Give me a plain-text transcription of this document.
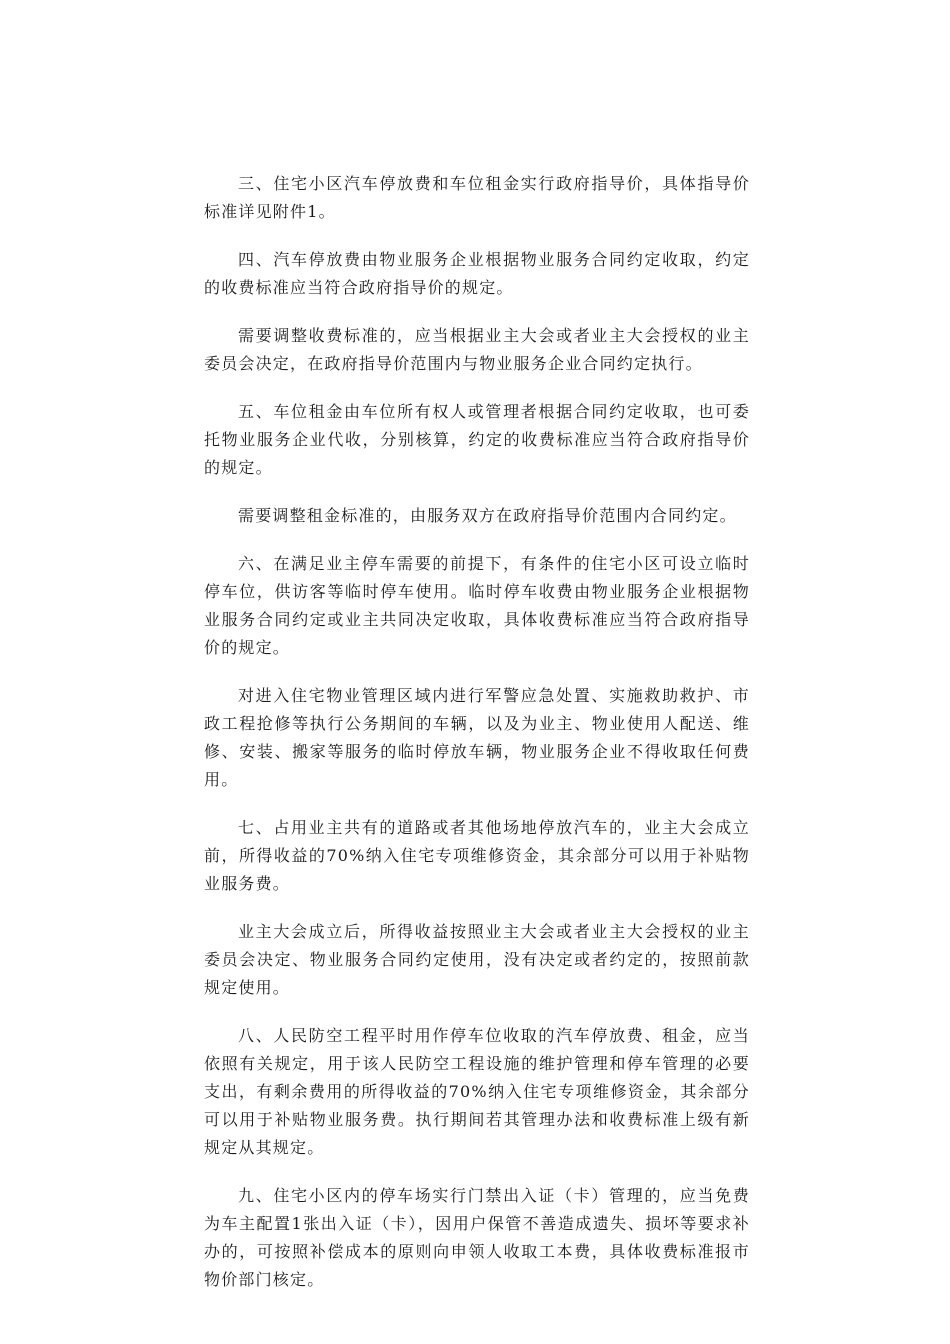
三、住宅小区汽车停放费和车位租金实行政府指导价，具体指导价标准详见附件1。

四、汽车停放费由物业服务企业根据物业服务合同约定收取，约定的收费标准应当符合政府指导价的规定。

需要调整收费标准的，应当根据业主大会或者业主大会授权的业主委员会决定，在政府指导价范围内与物业服务企业合同约定执行。

五、车位租金由车位所有权人或管理者根据合同约定收取，也可委托物业服务企业代收，分别核算，约定的收费标准应当符合政府指导价的规定。

需要调整租金标准的，由服务双方在政府指导价范围内合同约定。

六、在满足业主停车需要的前提下，有条件的住宅小区可设立临时停车位，供访客等临时停车使用。临时停车收费由物业服务企业根据物业服务合同约定或业主共同决定收取，具体收费标准应当符合政府指导价的规定。

对进入住宅物业管理区域内进行军警应急处置、实施救助救护、市政工程抢修等执行公务期间的车辆，以及为业主、物业使用人配送、维修、安装、搬家等服务的临时停放车辆，物业服务企业不得收取任何费用。

七、占用业主共有的道路或者其他场地停放汽车的，业主大会成立前，所得收益的70%纳入住宅专项维修资金，其余部分可以用于补贴物业服务费。

业主大会成立后，所得收益按照业主大会或者业主大会授权的业主委员会决定、物业服务合同约定使用，没有决定或者约定的，按照前款规定使用。

八、人民防空工程平时用作停车位收取的汽车停放费、租金，应当依照有关规定，用于该人民防空工程设施的维护管理和停车管理的必要支出，有剩余费用的所得收益的70%纳入住宅专项维修资金，其余部分可以用于补贴物业服务费。执行期间若其管理办法和收费标准上级有新规定从其规定。

九、住宅小区内的停车场实行门禁出入证（卡）管理的，应当免费为车主配置1张出入证（卡），因用户保管不善造成遗失、损坏等要求补办的，可按照补偿成本的原则向申领人收取工本费，具体收费标准报市物价部门核定。
